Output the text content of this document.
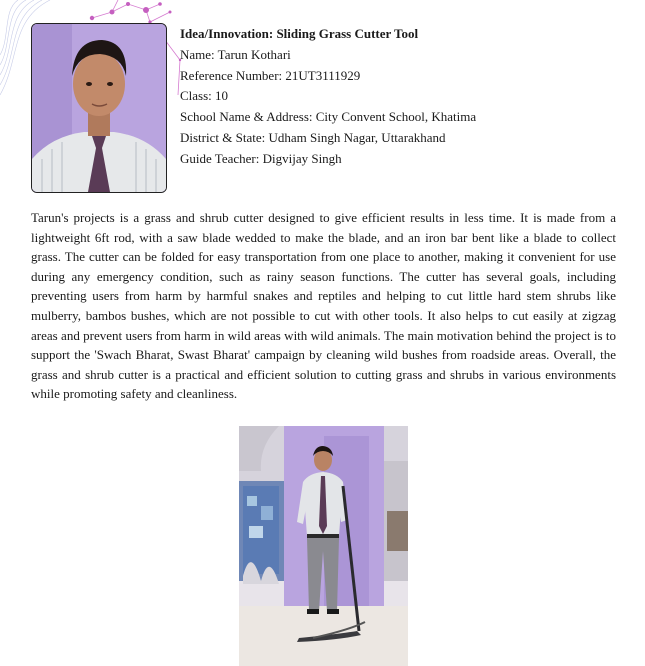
Idea/Innovation: Sliding Grass Cutter Tool
Name: Tarun Kothari
Reference Number: 21UT3111929
Class: 10
School Name & Address: City Convent School, Khatima
District & State: Udham Singh Nagar, Uttarakhand
Guide Teacher: Digvijay Singh

Tarun's projects is a grass and shrub cutter designed to give efficient results in less time. It is made from a lightweight 6ft rod, with a saw blade wedded to make the blade, and an iron bar bent like a blade to collect grass. The cutter can be folded for easy transportation from one place to another, making it convenient for use during any emergency condition, such as rainy season functions. The cutter has several goals, including preventing users from harm by harmful snakes and reptiles and helping to cut little hard stem shrubs like mulberry, bambos bushes, which are not possible to cut with other tools. It also helps to cut easily at zigzag areas and prevent users from harm in wild areas with wild animals. The main motivation behind the project is to support the 'Swach Bharat, Swast Bharat' campaign by cleaning wild bushes from roadside areas. Overall, the grass and shrub cutter is a practical and efficient solution to cutting grass and shrubs in various environments while promoting safety and cleanliness.
